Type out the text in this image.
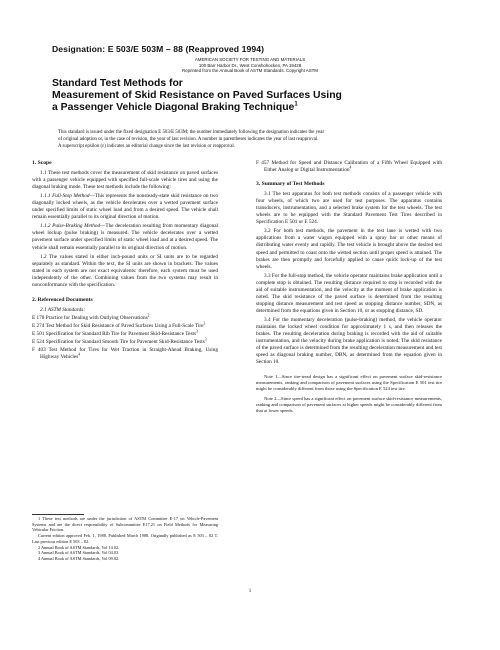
Designation: E 503/E 503M – 88 (Reapproved 1994)
AMERICAN SOCIETY FOR TESTING AND MATERIALS
100 Barr Harbor Dr., West Conshohocken, PA 19428
Reprinted from the Annual Book of ASTM Standards. Copyright ASTM
Standard Test Methods for
Measurement of Skid Resistance on Paved Surfaces Using
a Passenger Vehicle Diagonal Braking Technique$^1$
This standard is issued under the fixed designation E 503/E 503M; the number immediately following the designation indicates the year
of original adoption or, in the case of revision, the year of last revision. A number in parentheses indicates the year of last reapproval.
A superscript epsilon (ε) indicates an editorial change since the last revision or reapproval.
1. Scope

1.1 These test methods cover the measurement of skid resistance on paved surfaces with a passenger vehicle equipped with specified full-scale vehicle tires and using the diagonal braking mode. These test methods include the following:

1.1.1 Full-Stop Method—This represents the nonsteady-state skid resistance on two diagonally locked wheels, as the vehicle decelerates over a wetted pavement surface under specified limits of static wheel load and from a desired speed. The vehicle shall remain essentially parallel to its original direction of motion.

1.1.2 Pulse-Braking Method—The deceleration resulting from momentary diagonal wheel lockup (pulse braking) is measured. The vehicle decelerates over a wetted pavement surface under specified limits of static wheel load and at a desired speed. The vehicle shall remain essentially parallel to its original direction of motion.

1.2 The values stated in either inch-pound units or SI units are to be regarded separately as standard. Within the text, the SI units are shown in brackets. The values stated in each system are not exact equivalents: therefore, each system must be used independently of the other. Combining values from the two systems may result in nonconformance with the specification.

2. Referenced Documents

2.1 ASTM Standards:

E 178 Practice for Dealing with Outlying Observations$^2$
E 274 Test Method for Skid Resistance of Paved Surfaces Using a Full-Scale Tire$^3$
E 501 Specification for Standard Rib Tire for Pavement Skid-Resistance Tests$^3$
E 524 Specification for Standard Smooth Tire for Pavement Skid-Resistance Tests$^3$
F 403 Test Method for Tires for Wet Traction in Straight-Ahead Braking, Using Highway Vehicles$^4$

1 These test methods are under the jurisdiction of ASTM Committee E-17 on Vehicle-Pavement Systems and are the direct responsibility of Subcommittee E17.21 on Field Methods for Measuring Vehicular Friction.

Current edition approved Feb. 1, 1988. Published March 1988. Originally published as E 503 – 82 T. Last previous edition E 503 – 82.

2 Annual Book of ASTM Standards, Vol 14.02.

3 Annual Book of ASTM Standards, Vol 04.03.

4 Annual Book of ASTM Standards, Vol 09.02.

F 457 Method for Speed and Distance Calibration of a Fifth Wheel Equipped with Either Analog or Digital Instrumentation$^4$
3. Summary of Test Methods

3.1 The test apparatus for both test methods consists of a passenger vehicle with four wheels, of which two are used for test purposes. The apparatus contains transducers, instrumentation, and a selected brake system for the test wheels. The test wheels are to be equipped with the Standard Pavement Test Tires described in Specification E 501 or E 524.

3.2 For both test methods, the pavement in the test lane is wetted with two applications from a water wagon equipped with a spray bar or other means of distributing water evenly and rapidly. The test vehicle is brought above the desired test speed and permitted to coast onto the wetted section until proper speed is attained. The brakes are then promptly and forcefully applied to cause quick lock-up of the test wheels.

3.3 For the full-stop method, the vehicle operator maintains brake application until a complete stop is obtained. The resulting distance required to stop is recorded with the aid of suitable instrumentation, and the velocity at the moment of brake application is noted. The skid resistance of the paved surface is determined from the resulting stopping distance measurement and test speed as stopping distance number, SDN, as determined from the equations given in Section 10, or as stopping distance, SD.

3.4 For the momentary deceleration (pulse-braking) method, the vehicle operator maintains the locked wheel condition for approximately 1 s, and then releases the brakes. The resulting deceleration during braking is recorded with the aid of suitable instrumentation, and the velocity during brake application is noted. The skid resistance of the paved surface is determined from the resulting deceleration measurement and test speed as diagonal braking number, DBN, as determined from the equation given in Section 10.

Note 1—Since tire-tread design has a significant effect on pavement surface skid-resistance measurements, ranking and comparison of pavement surfaces using the Specification E 501 test tire might be considerably different from those using the Specification E 524 test tire.

Note 2—Since speed has a significant effect on pavement surface skid-resistance measurements, ranking and comparison of pavement surfaces at higher speeds might be considerably different from that at lower speeds.

1
